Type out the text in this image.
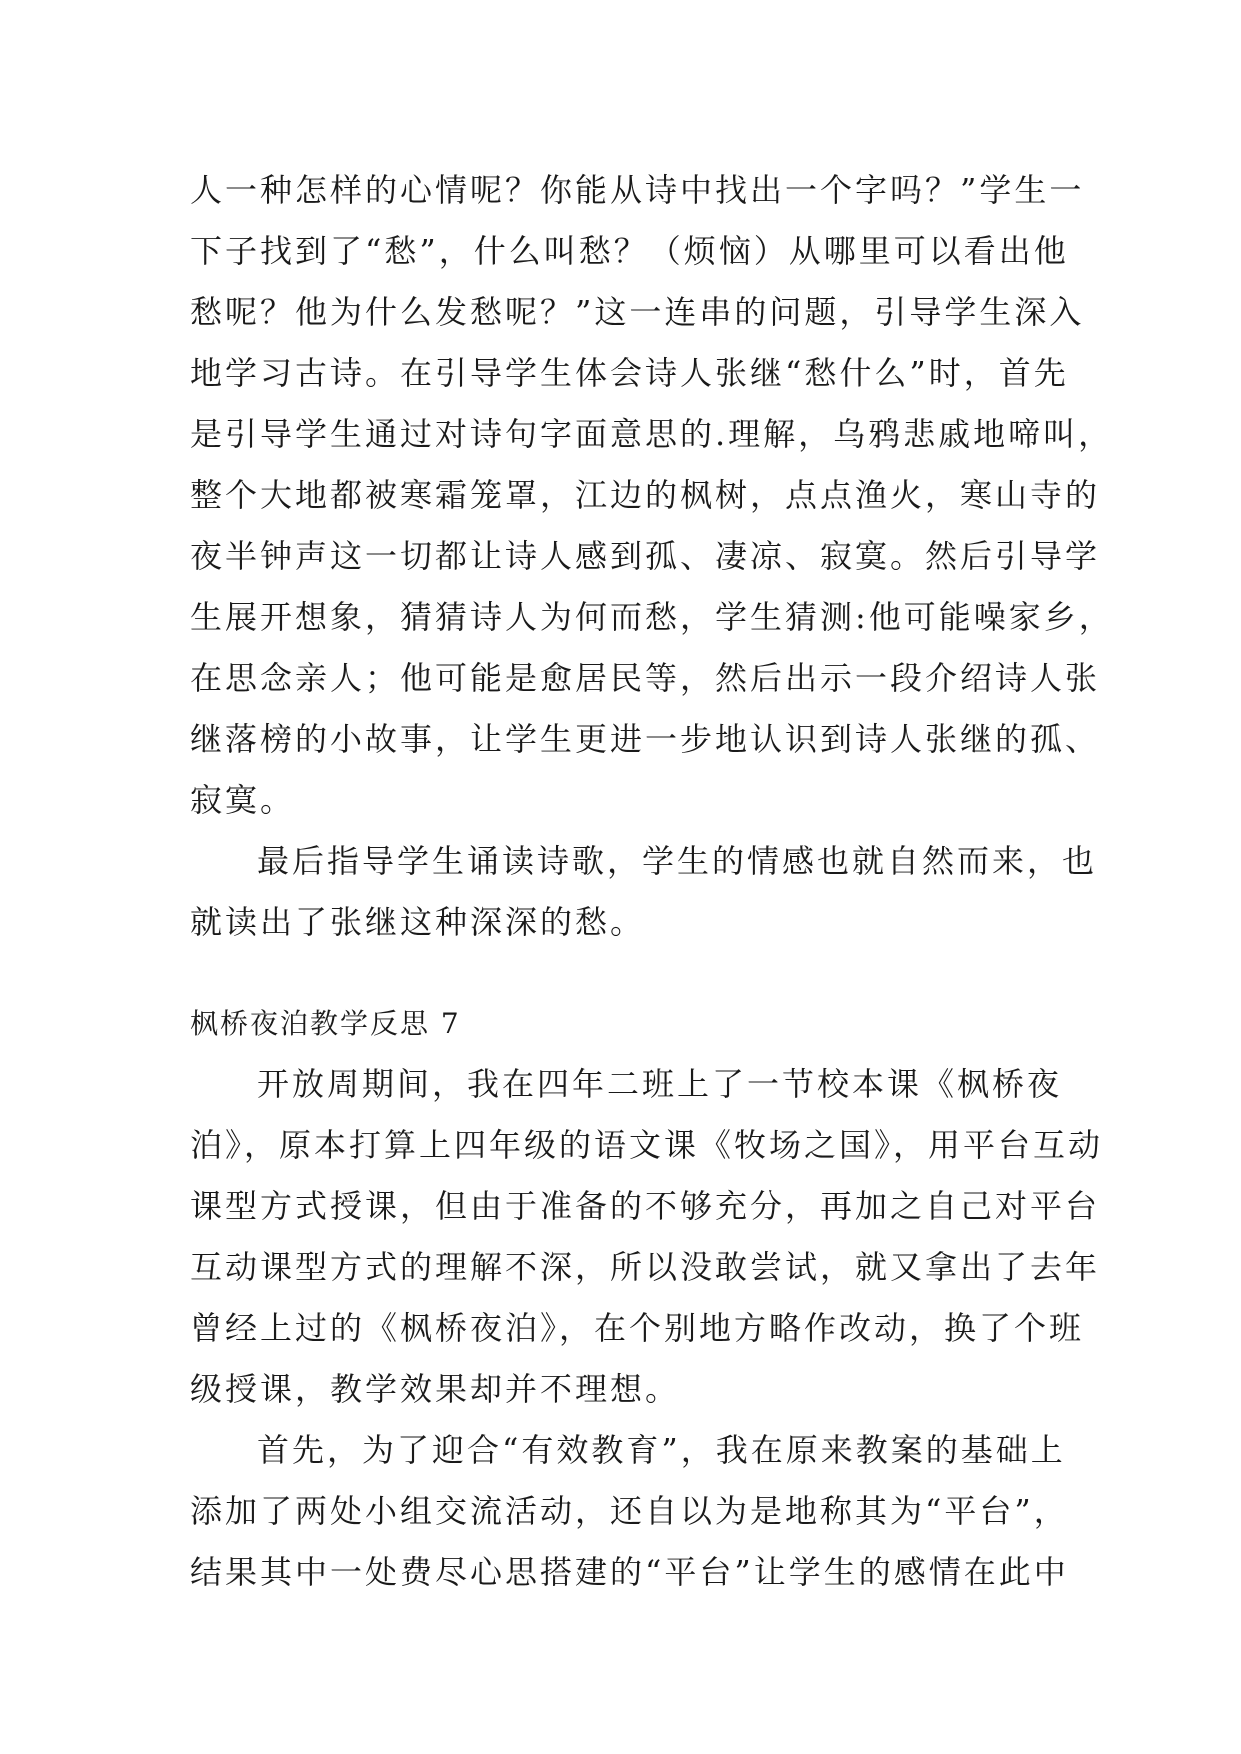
人一种怎样的心情呢？你能从诗中找出一个字吗？”学生一
下子找到了“愁”，什么叫愁？（烦恼）从哪里可以看出他
愁呢？他为什么发愁呢？”这一连串的问题，引导学生深入
地学习古诗。在引导学生体会诗人张继“愁什么”时，首先
是引导学生通过对诗句字面意思的.理解，乌鸦悲戚地啼叫，
整个大地都被寒霜笼罩，江边的枫树，点点渔火，寒山寺的
夜半钟声这一切都让诗人感到孤、凄凉、寂寞。然后引导学
生展开想象，猜猜诗人为何而愁，学生猜测:他可能噪家乡，
在思念亲人；他可能是愈居民等，然后出示一段介绍诗人张
继落榜的小故事，让学生更进一步地认识到诗人张继的孤、
寂寞。
最后指导学生诵读诗歌，学生的情感也就自然而来，也
就读出了张继这种深深的愁。
枫桥夜泊教学反思 7
开放周期间，我在四年二班上了一节校本课《枫桥夜
泊》，原本打算上四年级的语文课《牧场之国》，用平台互动
课型方式授课，但由于准备的不够充分，再加之自己对平台
互动课型方式的理解不深，所以没敢尝试，就又拿出了去年
曾经上过的《枫桥夜泊》，在个别地方略作改动，换了个班
级授课，教学效果却并不理想。
首先，为了迎合“有效教育”，我在原来教案的基础上
添加了两处小组交流活动，还自以为是地称其为“平台”，
结果其中一处费尽心思搭建的“平台”让学生的感情在此中
